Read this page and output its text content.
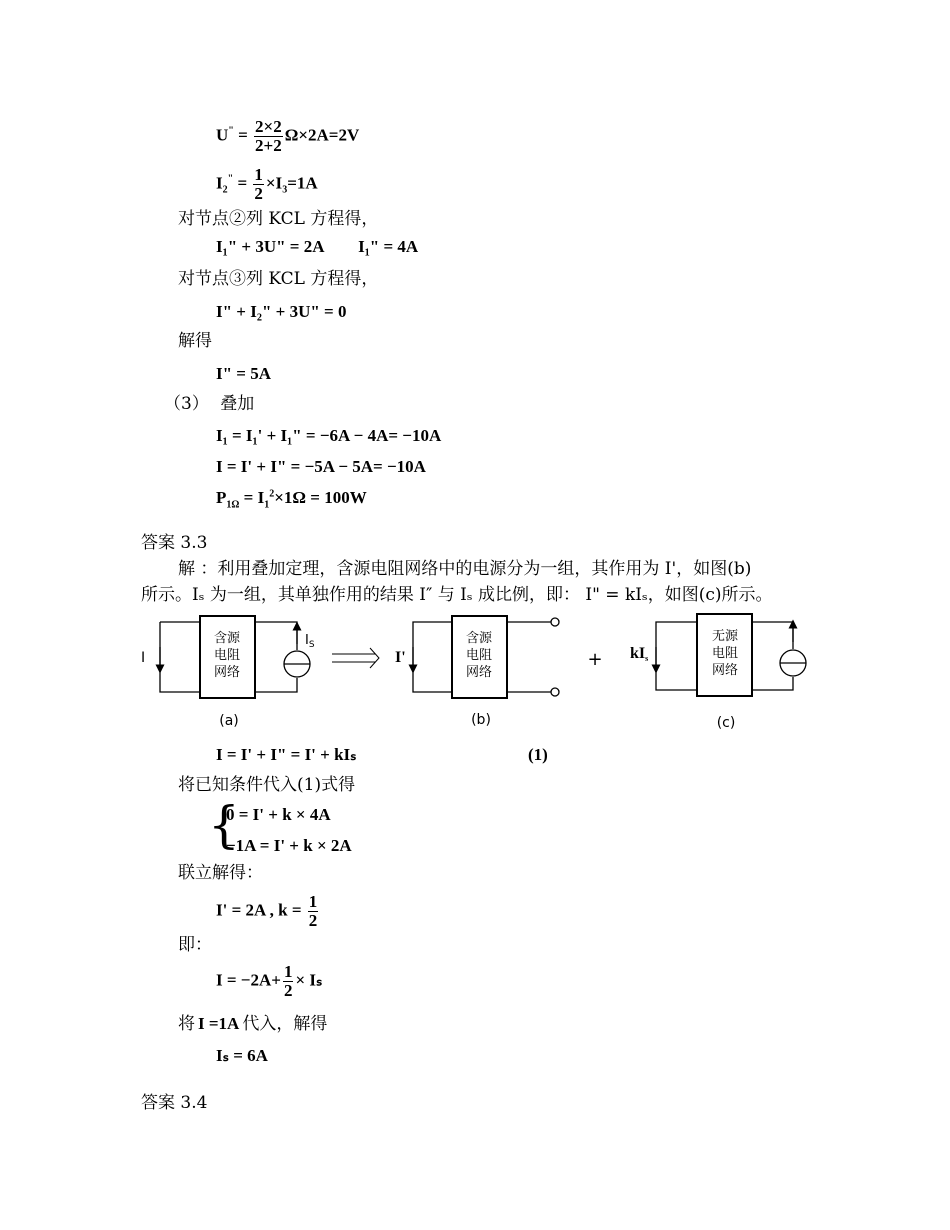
$U^" = \frac{2\times 2}{2+2} \Omega\times 2A=2V$
$I_2^" = \frac{1}{2} \times I_3=1A$
对节点②列 KCL 方程得，
I₁" + 3U" = 2A I₁" = 4A
对节点③列 KCL 方程得，
I" + I₂" + 3U" = 0
解得
I" = 5A
（3） 叠加
I₁ = I₁' + I₁" = −6A − 4A= −10A
I = I' + I" = −5A − 5A= −10A
$P_{1\Omega} = I_1^2\times 1\Omega = 100W$
答案 3.3
解 ：利用叠加定理，含源电阻网络中的电源分为一组，其作用为 I'，如图(b)
所示。Iₛ 为一组，其单独作用的结果 I″ 与 Iₛ 成比例，即： I" = kIₛ，如图(c)所示。
I
$I_S$
含源
电阻
网络
I'
含源
电阻
网络
+ kIs
无源
电阻
网络
(a)	(b)	(c)
I = I' + I" = I' + kIₛ	(1)
将已知条件代入(1)式得
{
0 = I' + k × 4A
−1A = I' + k × 2A
联立解得：
I' = 2A , $k = \frac{1}{2}$
即：
$I = -2A+ \frac{1}{2} \times I_s$
将 I =1A 代入，解得
Iₛ = 6A
答案 3.4
